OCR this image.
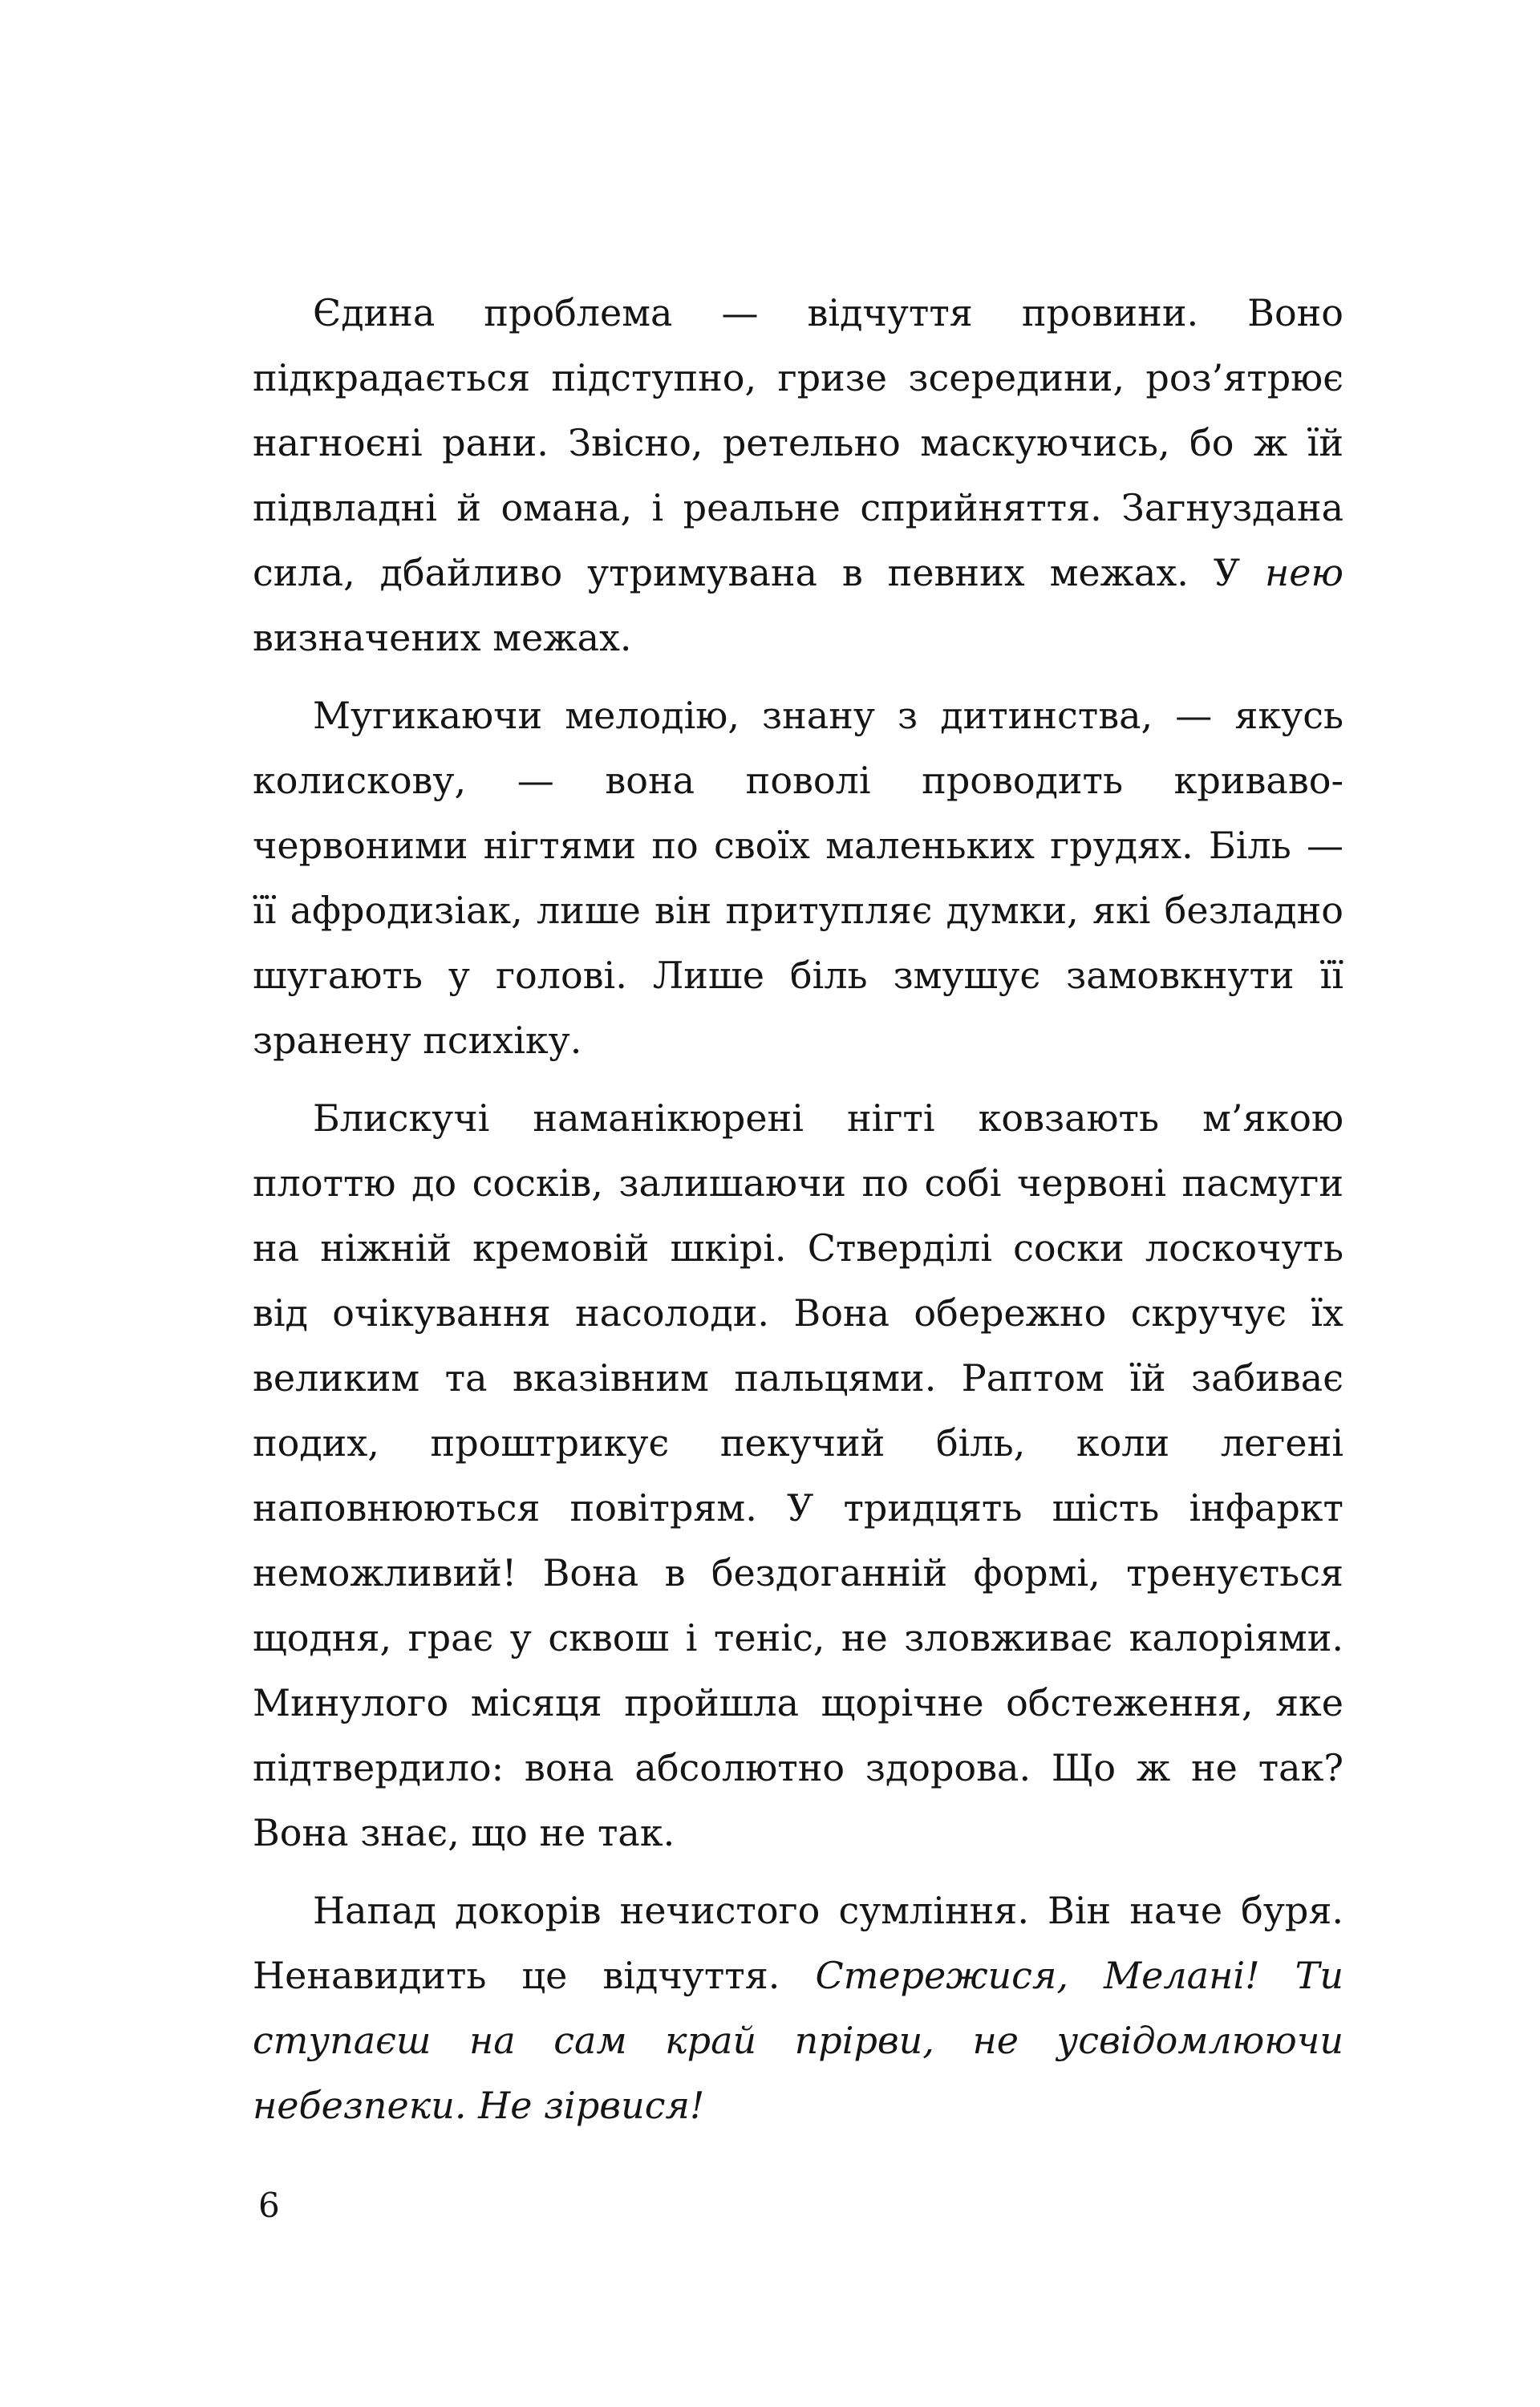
Єдина проблема — відчуття провини. Воно підкрадається підступно, гризе зсередини, роз’ятрює нагноєні рани. Звісно, ретельно маскуючись, бо ж їй підвладні й омана, і реальне сприйняття. Загнуздана сила, дбайливо утримувана в певних межах. У нею визначених межах.

Мугикаючи мелодію, знану з дитинства, — якусь колискову, — вона поволі проводить криваво-червоними нігтями по своїх маленьких грудях. Біль — її афродизіак, лише він притупляє думки, які безладно шугають у голові. Лише біль змушує замовкнути її зранену психіку.

Блискучі наманікюрені нігті ковзають м’якою плоттю до сосків, залишаючи по собі червоні пасмуги на ніжній кремовій шкірі. Стверділі соски лоскочуть від очікування насолоди. Вона обережно скручує їх великим та вказівним пальцями. Раптом їй забиває подих, проштрикує пекучий біль, коли легені наповнюються повітрям. У тридцять шість інфаркт неможливий! Вона в бездоганній формі, тренується щодня, грає у сквош і теніс, не зловживає калоріями. Минулого місяця пройшла щорічне обстеження, яке підтвердило: вона абсолютно здорова. Що ж не так? Вона знає, що не так.

Напад докорів нечистого сумління. Він наче буря. Ненавидить це відчуття. Стережися, Мелані! Ти ступаєш на сам край прірви, не усвідомлюючи небезпеки. Не зірвися!

6
